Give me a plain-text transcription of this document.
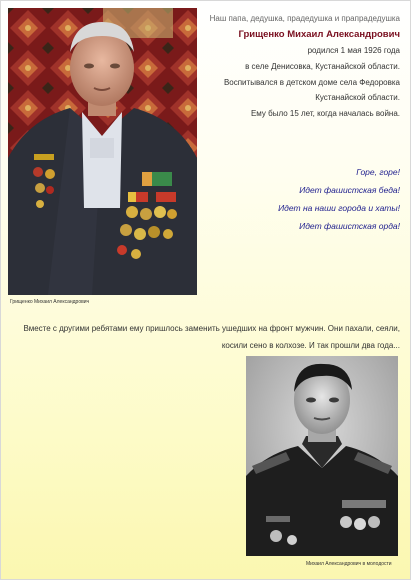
Грищенко Михаил Александрович
Наш папа, дедушка, прадедушка и прапрадедушка
Грищенко Михаил Александрович
родился 1 мая 1926 года
в селе Денисовка, Кустанайской области.
Воспитывался в детском доме села Федоровка
Кустанайской области.
Ему было 15 лет, когда началась война.
Горе, горе!
Идет фашистская беда!
Идет на наши города и хаты!
Идет фашистская орда!
Вместе с другими ребятами ему пришлось заменить ушедших на фронт мужчин. Они пахали, сеяли,
косили сено в колхозе. И так прошли два года...
Михаил Александрович в молодости
